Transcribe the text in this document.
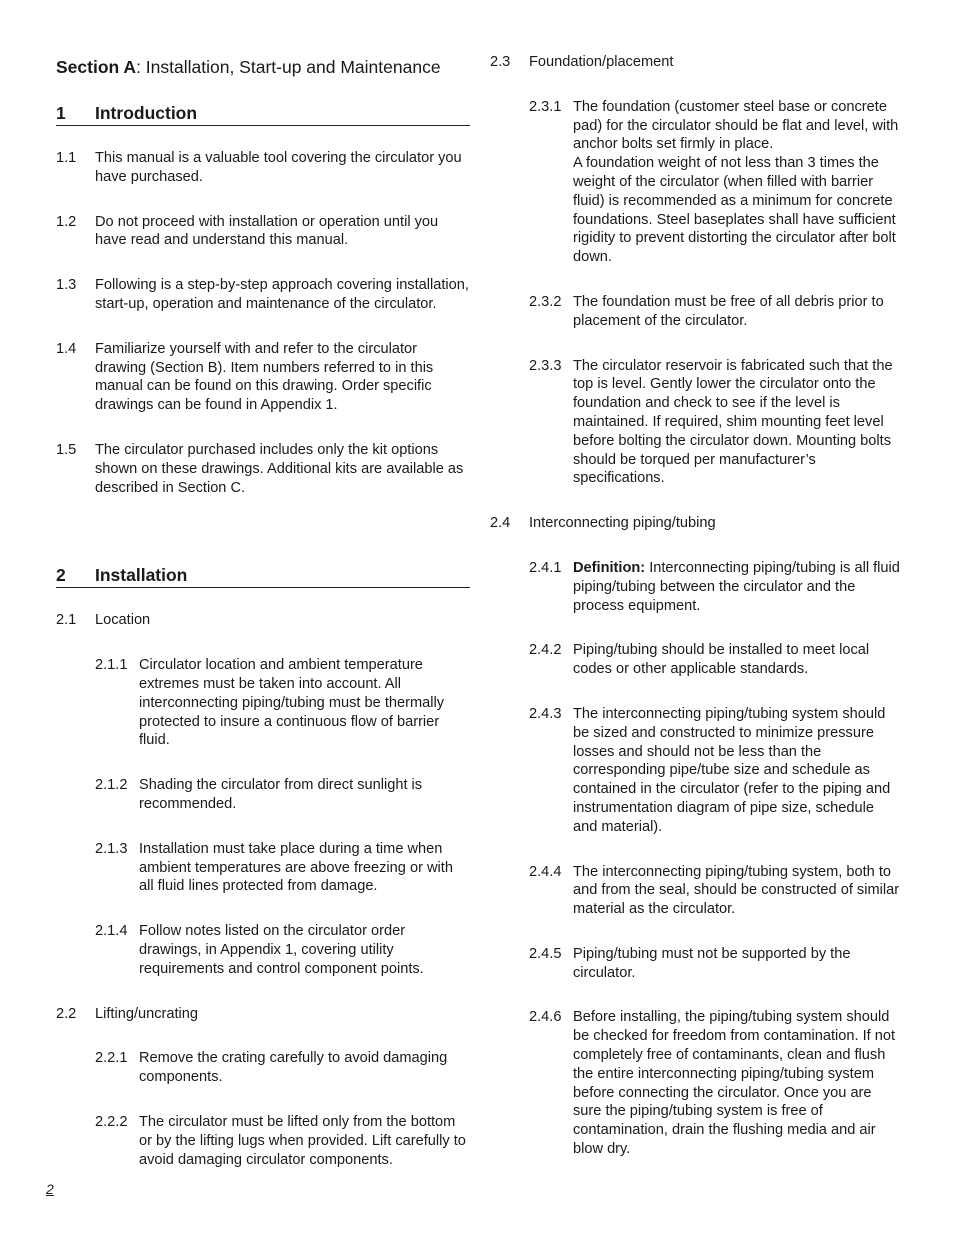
Section A: Installation, Start-up and Maintenance

1	Introduction
1.1	This manual is a valuable tool covering the circulator you have purchased.
1.2	Do not proceed with installation or operation until you have read and understand this manual.
1.3	Following is a step-by-step approach covering installation, start-up, operation and maintenance of the circulator.
1.4	Familiarize yourself with and refer to the circulator drawing (Section B). Item numbers referred to in this manual can be found on this drawing. Order specific drawings can be found in Appendix 1.
1.5	The circulator purchased includes only the kit options shown on these drawings. Additional kits are available as described in Section C.
2	Installation
2.1	Location
2.1.1 Circulator location and ambient temperature extremes must be taken into account. All interconnecting piping/tubing must be thermally protected to insure a continuous flow of barrier fluid.
2.1.2 Shading the circulator from direct sunlight is recommended.
2.1.3 Installation must take place during a time when ambient temperatures are above freezing or with all fluid lines protected from damage.
2.1.4 Follow notes listed on the circulator order drawings, in Appendix 1, covering utility requirements and control component points.
2.2	Lifting/uncrating
2.2.1 Remove the crating carefully to avoid damaging components.
2.2.2 The circulator must be lifted only from the bottom or by the lifting lugs when provided. Lift carefully to avoid damaging circulator components.
2.3	Foundation/placement
2.3.1 The foundation (customer steel base or concrete pad) for the circulator should be flat and level, with anchor bolts set firmly in place.
A foundation weight of not less than 3 times the weight of the circulator (when filled with barrier fluid) is recommended as a minimum for concrete foundations. Steel baseplates shall have sufficient rigidity to prevent distorting the circulator after bolt down.
2.3.2 The foundation must be free of all debris prior to placement of the circulator.
2.3.3 The circulator reservoir is fabricated such that the top is level. Gently lower the circulator onto the foundation and check to see if the level is maintained. If required, shim mounting feet level before bolting the circulator down. Mounting bolts should be torqued per manufacturer’s specifications.
2.4	Interconnecting piping/tubing
2.4.1 Definition: Interconnecting piping/tubing is all fluid piping/tubing between the circulator and the process equipment.
2.4.2 Piping/tubing should be installed to meet local codes or other applicable standards.
2.4.3 The interconnecting piping/tubing system should be sized and constructed to minimize pressure losses and should not be less than the corresponding pipe/tube size and schedule as contained in the circulator (refer to the piping and instrumentation diagram of pipe size, schedule and material).
2.4.4 The interconnecting piping/tubing system, both to and from the seal, should be constructed of similar material as the circulator.
2.4.5 Piping/tubing must not be supported by the circulator.
2.4.6 Before installing, the piping/tubing system should be checked for freedom from contamination. If not completely free of contaminants, clean and flush the entire interconnecting piping/tubing system before connecting the circulator. Once you are sure the piping/tubing system is free of contamination, drain the flushing media and air blow dry.
2
